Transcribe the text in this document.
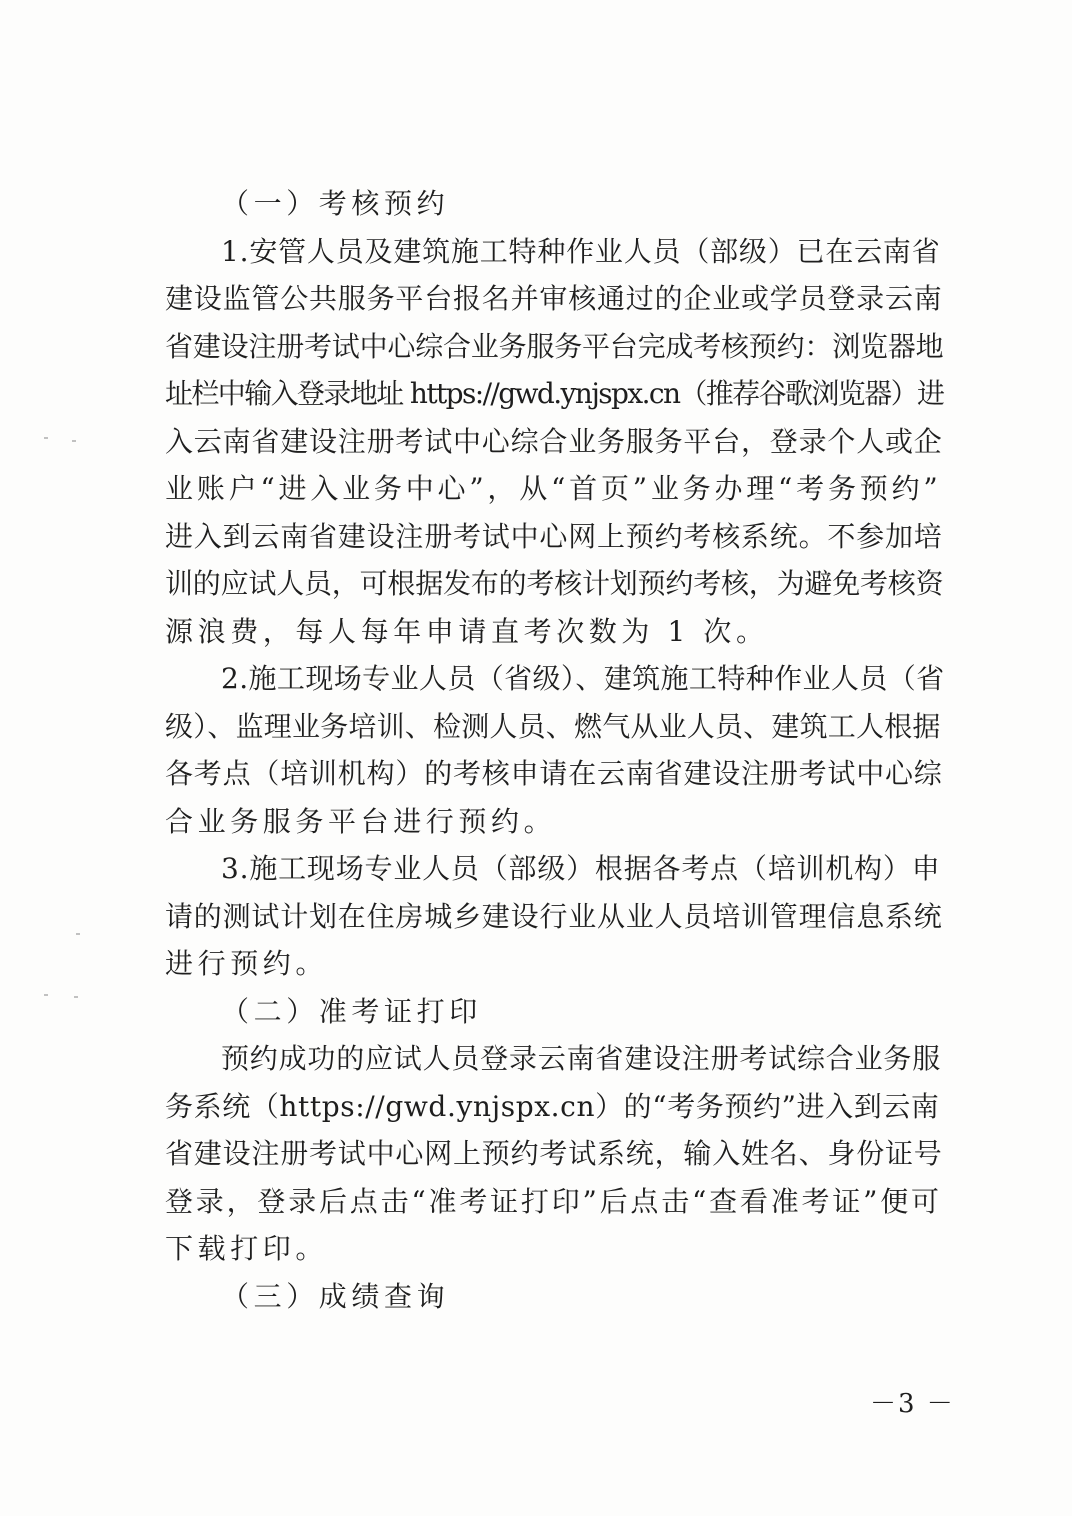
（一）考核预约

1.安管人员及建筑施工特种作业人员（部级）已在云南省
建设监管公共服务平台报名并审核通过的企业或学员登录云南
省建设注册考试中心综合业务服务平台完成考核预约：浏览器地
址栏中输入登录地址 https://gwd.ynjspx.cn（推荐谷歌浏览器）进
入云南省建设注册考试中心综合业务服务平台，登录个人或企
业账户“进入业务中心”，从“首页”业务办理“考务预约”
进入到云南省建设注册考试中心网上预约考核系统。不参加培
训的应试人员，可根据发布的考核计划预约考核，为避免考核资
源浪费，每人每年申请直考次数为 1 次。

2.施工现场专业人员（省级）、建筑施工特种作业人员（省
级）、监理业务培训、检测人员、燃气从业人员、建筑工人根据
各考点（培训机构）的考核申请在云南省建设注册考试中心综
合业务服务平台进行预约。

3.施工现场专业人员（部级）根据各考点（培训机构）申
请的测试计划在住房城乡建设行业从业人员培训管理信息系统
进行预约。

（二）准考证打印

预约成功的应试人员登录云南省建设注册考试综合业务服
务系统（https://gwd.ynjspx.cn）的“考务预约”进入到云南
省建设注册考试中心网上预约考试系统，输入姓名、身份证号
登录，登录后点击“准考证打印”后点击“查看准考证”便可
下载打印。

（三）成绩查询

－3 －
